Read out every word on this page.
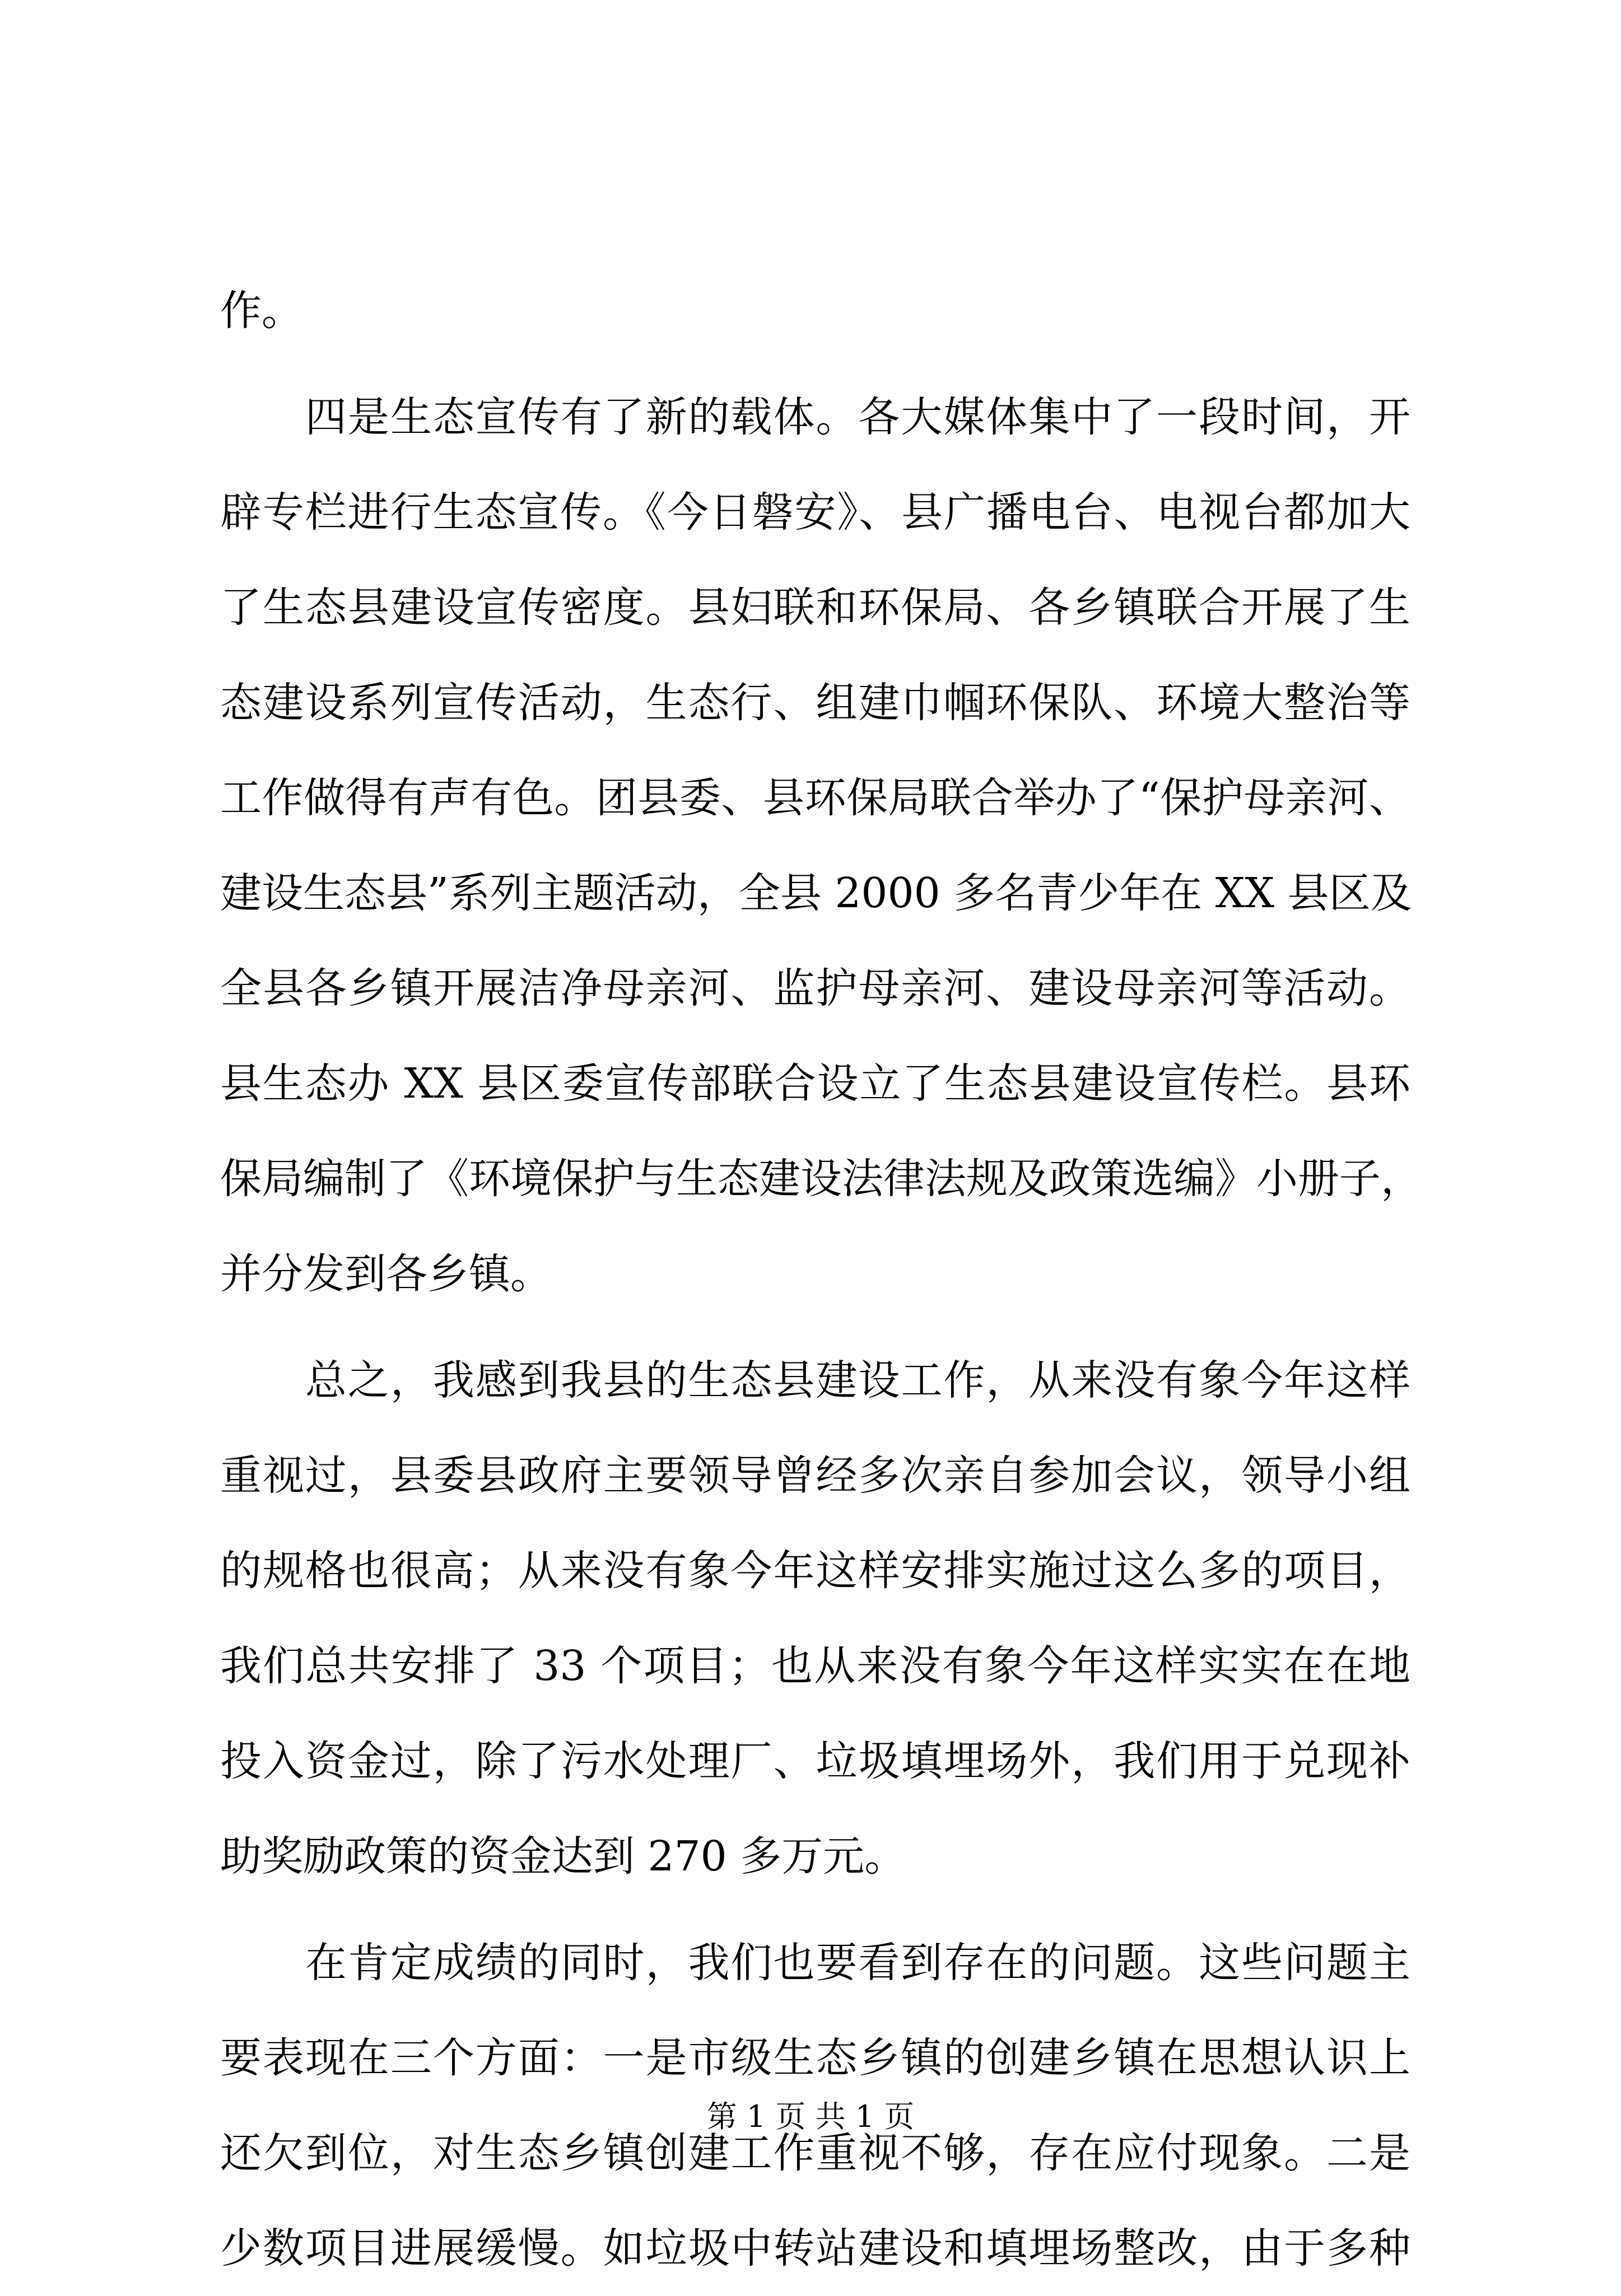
作。
　　四是生态宣传有了新的载体。各大媒体集中了一段时间，开
辟专栏进行生态宣传。《今日磐安》、县广播电台、电视台都加大
了生态县建设宣传密度。县妇联和环保局、各乡镇联合开展了生
态建设系列宣传活动，生态行、组建巾帼环保队、环境大整治等
工作做得有声有色。团县委、县环保局联合举办了“保护母亲河、
建设生态县”系列主题活动，全县 2000 多名青少年在 XX 县区及
全县各乡镇开展洁净母亲河、监护母亲河、建设母亲河等活动。
县生态办 XX 县区委宣传部联合设立了生态县建设宣传栏。县环
保局编制了《环境保护与生态建设法律法规及政策选编》小册子，
并分发到各乡镇。
　　总之，我感到我县的生态县建设工作，从来没有象今年这样
重视过，县委县政府主要领导曾经多次亲自参加会议，领导小组
的规格也很高；从来没有象今年这样安排实施过这么多的项目，
我们总共安排了 33 个项目；也从来没有象今年这样实实在在地
投入资金过，除了污水处理厂、垃圾填埋场外，我们用于兑现补
助奖励政策的资金达到 270 多万元。
　　在肯定成绩的同时，我们也要看到存在的问题。这些问题主
要表现在三个方面：一是市级生态乡镇的创建乡镇在思想认识上
还欠到位，对生态乡镇创建工作重视不够，存在应付现象。二是
少数项目进展缓慢。如垃圾中转站建设和填埋场整改，由于多种
第 1 页 共 1 页
